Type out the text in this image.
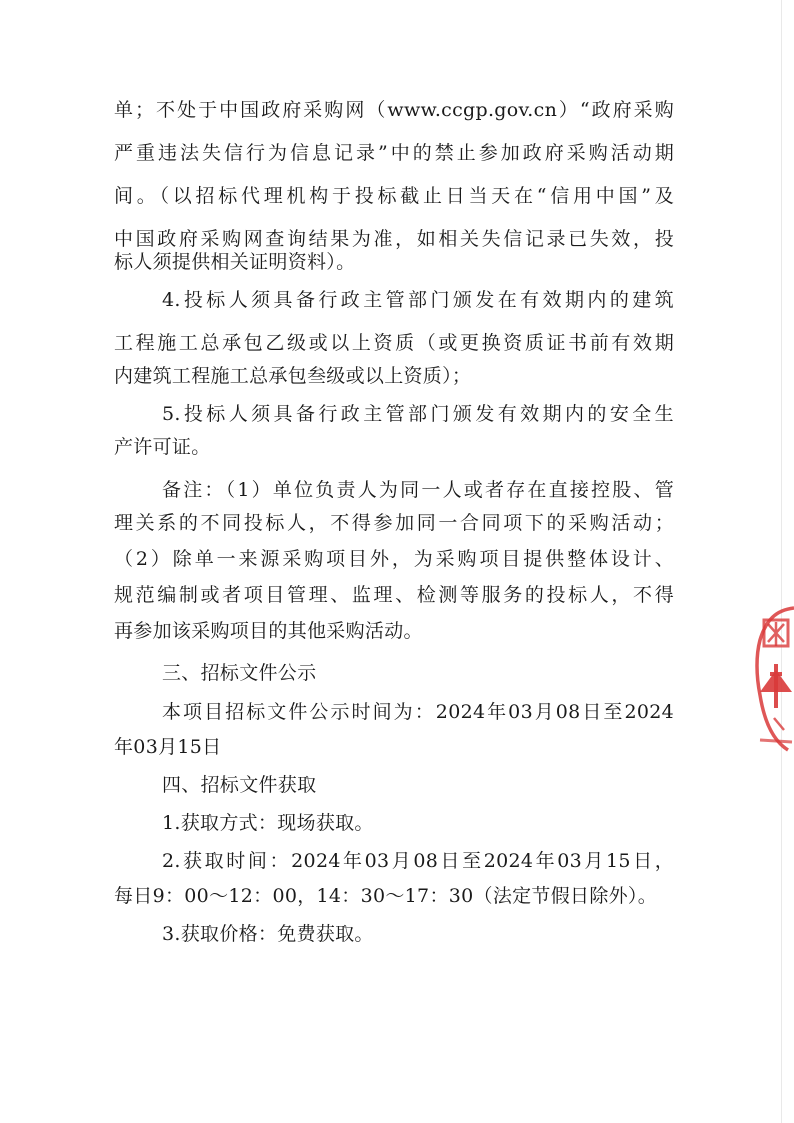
单；不处于中国政府采购网（www.ccgp.gov.cn）“政府采购
严重违法失信行为信息记录”中的禁止参加政府采购活动期
间。（以招标代理机构于投标截止日当天在“信用中国”及
中国政府采购网查询结果为准，如相关失信记录已失效，投
标人须提供相关证明资料）。
4.投标人须具备行政主管部门颁发在有效期内的建筑
工程施工总承包乙级或以上资质（或更换资质证书前有效期
内建筑工程施工总承包叁级或以上资质）；
5.投标人须具备行政主管部门颁发有效期内的安全生
产许可证。
备注：（1）单位负责人为同一人或者存在直接控股、管
理关系的不同投标人，不得参加同一合同项下的采购活动；
（2）除单一来源采购项目外，为采购项目提供整体设计、
规范编制或者项目管理、监理、检测等服务的投标人，不得
再参加该采购项目的其他采购活动。
三、招标文件公示
本项目招标文件公示时间为：2024年03月08日至2024
年03月15日
四、招标文件获取
1.获取方式：现场获取。
2.获取时间：2024年03月08日至2024年03月15日，
每日9：00～12：00，14：30～17：30（法定节假日除外）。
3.获取价格：免费获取。
